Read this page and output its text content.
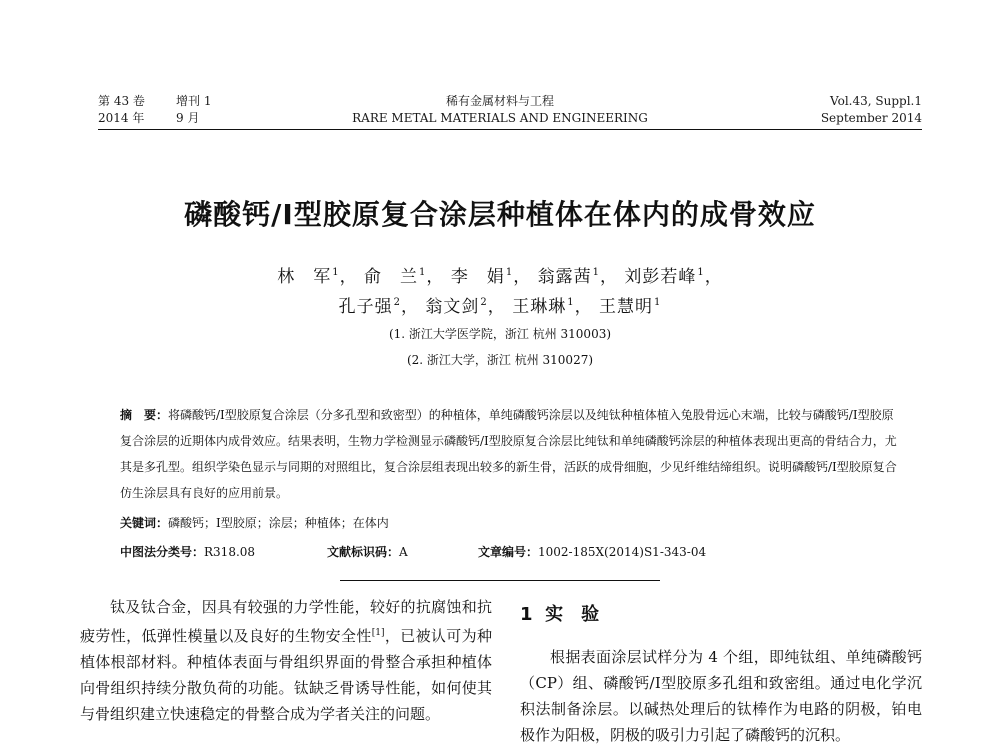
第 43 卷	增刊 1
2014 年	9 月
稀有金属材料与工程
RARE METAL MATERIALS AND ENGINEERING
Vol.43, Suppl.1
September 2014
磷酸钙/Ⅰ型胶原复合涂层种植体在体内的成骨效应
林　军$^1$， 俞　兰$^1$， 李　娟$^1$， 翁露茜$^1$， 刘彭若峰$^1$，
孔子强$^2$， 翁文剑$^2$， 王琳琳$^1$， 王慧明$^1$
(1. 浙江大学医学院，浙江 杭州 310003)
(2. 浙江大学，浙江 杭州 310027)
摘　要：将磷酸钙/Ⅰ型胶原复合涂层（分多孔型和致密型）的种植体，单纯磷酸钙涂层以及纯钛种植体植入兔股骨远心末端，比较与磷酸钙/Ⅰ型胶原复合涂层的近期体内成骨效应。结果表明，生物力学检测显示磷酸钙/Ⅰ型胶原复合涂层比纯钛和单纯磷酸钙涂层的种植体表现出更高的骨结合力，尤其是多孔型。组织学染色显示与同期的对照组比，复合涂层组表现出较多的新生骨，活跃的成骨细胞，少见纤维结缔组织。说明磷酸钙/Ⅰ型胶原复合仿生涂层具有良好的应用前景。
关键词：磷酸钙；Ⅰ型胶原；涂层；种植体；在体内
中图法分类号：R318.08	文献标识码：A	文章编号：1002-185X(2014)S1-343-04
钛及钛合金，因具有较强的力学性能，较好的抗腐蚀和抗疲劳性，低弹性模量以及良好的生物安全性[1]，已被认可为种植体根部材料。种植体表面与骨组织界面的骨整合承担种植体向骨组织持续分散负荷的功能。钛缺乏骨诱导性能，如何使其与骨组织建立快速稳定的骨整合成为学者关注的问题。
1 实　验
根据表面涂层试样分为 4 个组，即纯钛组、单纯磷酸钙（CP）组、磷酸钙/Ⅰ型胶原多孔组和致密组。通过电化学沉积法制备涂层。以碱热处理后的钛棒作为电路的阴极，铂电极作为阳极，阴极的吸引力引起了磷酸钙的沉积。
